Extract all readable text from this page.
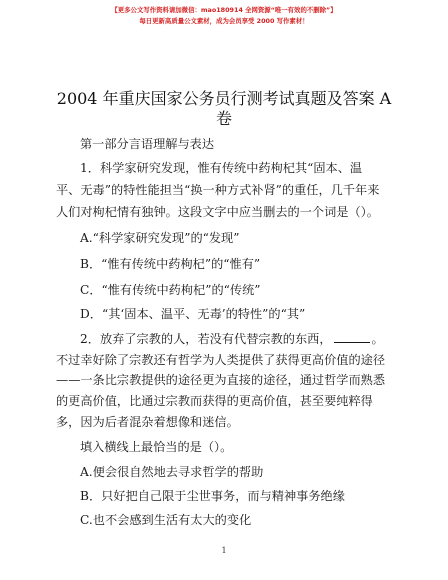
【更多公文写作资料请加微信：mao180914 全网资源“唯一有效的不删除”】
每日更新高质量公文素材，成为会员享受 2000 写作素材！
2004 年重庆国家公务员行测考试真题及答案 A
卷
第一部分言语理解与表达
1．科学家研究发现，惟有传统中药枸杞其“固本、温
平、无毒”的特性能担当“换一种方式补肾”的重任，几千年来
人们对枸杞情有独钟。这段文字中应当删去的一个词是（）。
A.“科学家研究发现”的“发现”
B．“惟有传统中药枸杞”的“惟有”
C．“惟有传统中药枸杞”的“传统”
D．“其‘固本、温平、无毒’的特性”的“其”
2．放弃了宗教的人，若没有代替宗教的东西，	。
不过幸好除了宗教还有哲学为人类提供了获得更高价值的途径
——一条比宗教提供的途径更为直接的途径，通过哲学而熟悉
的更高价值，比通过宗教而获得的更高价值，甚至要纯粹得
多，因为后者混杂着想像和迷信。
填入横线上最恰当的是（）。
1
A.便会很自然地去寻求哲学的帮助
B．只好把自己限于尘世事务，而与精神事务绝缘
C.也不会感到生活有太大的变化
